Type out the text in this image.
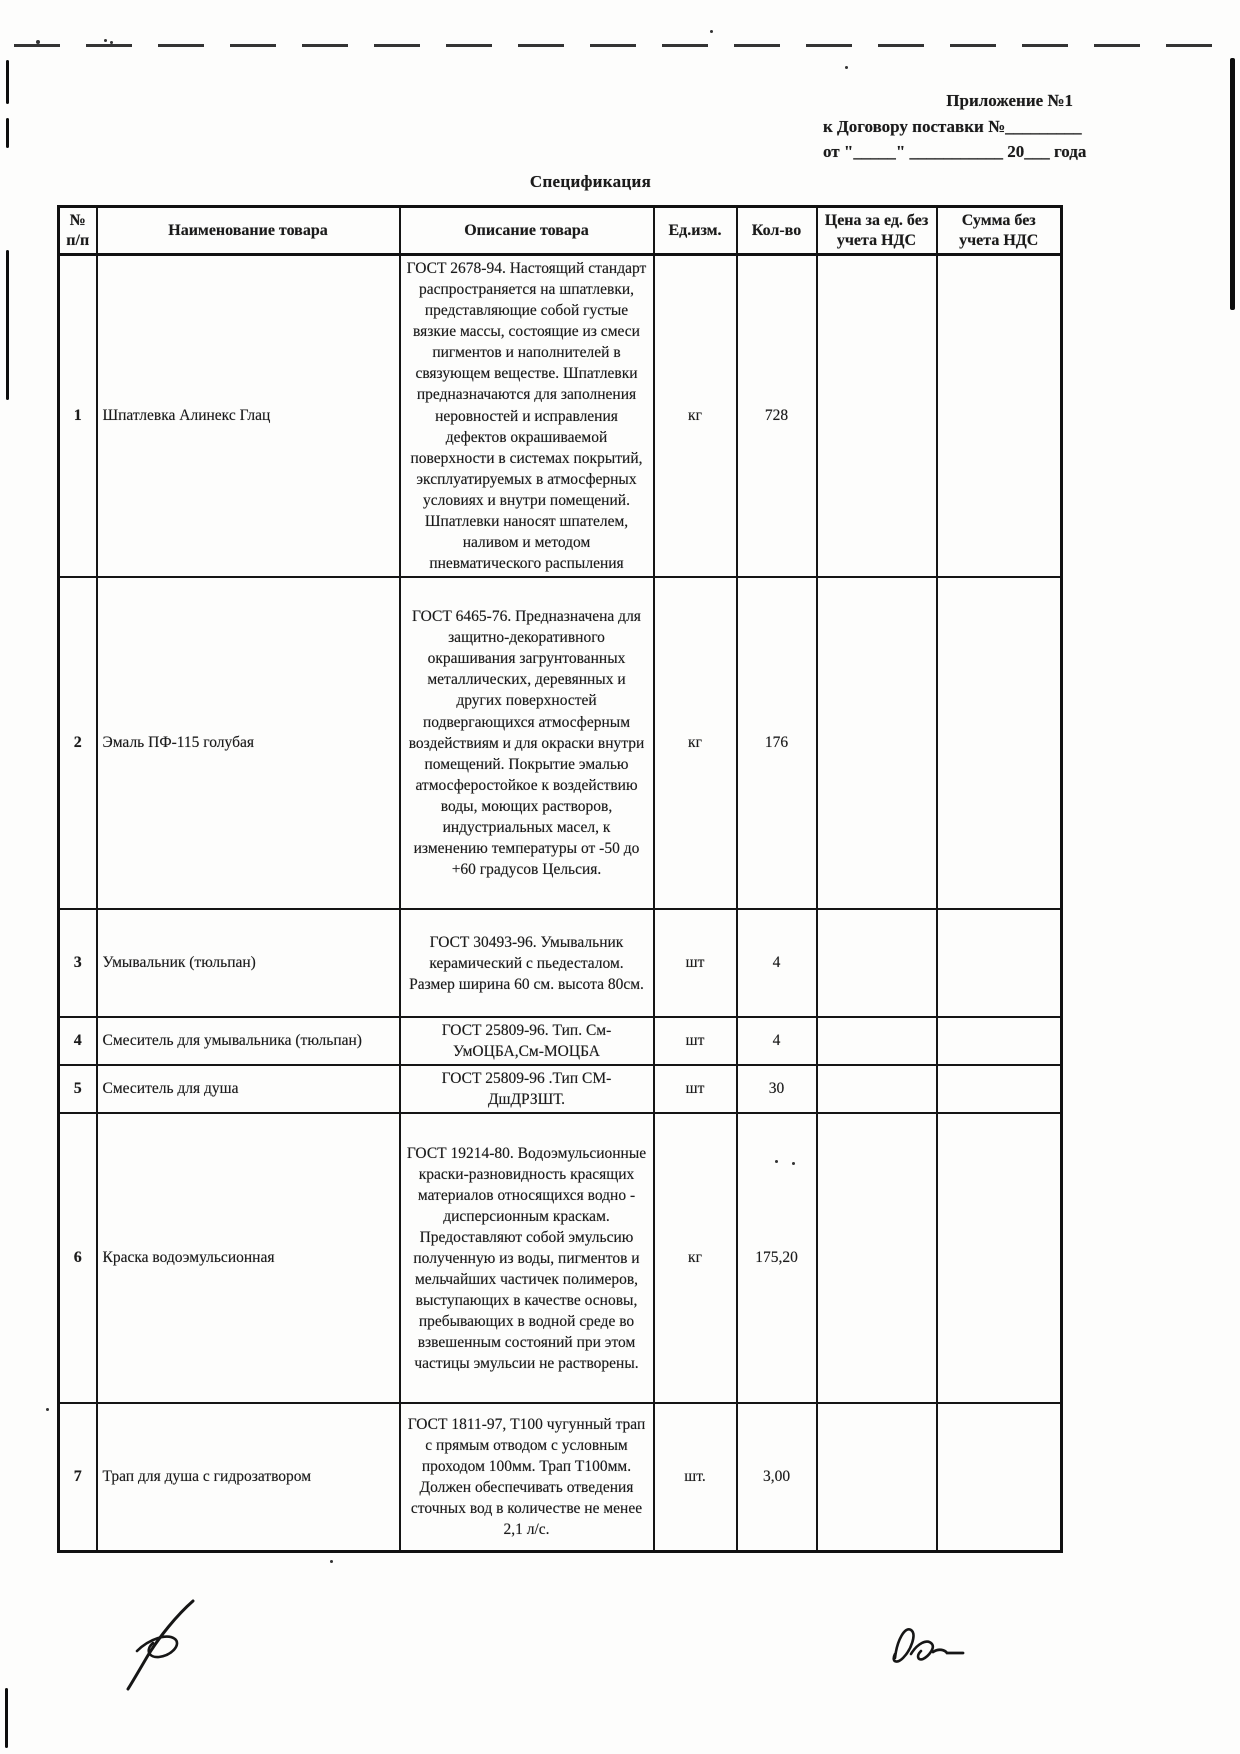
Приложение №1
к Договору поставки №_________
от "_____" ___________ 20___ года
Спецификация
№ п/п	Наименование товара	Описание товара	Ед.изм.	Кол-во	Цена за ед. без учета НДС	Сумма без учета НДС
1	Шпатлевка Алинекс Глац	ГОСТ 2678-94. Настоящий стандарт распространяется на шпатлевки, представляющие собой густые вязкие массы, состоящие из смеси пигментов и наполнителей в связующем веществе. Шпатлевки предназначаются для заполнения неровностей и исправления дефектов окрашиваемой поверхности в системах покрытий, эксплуатируемых в атмосферных условиях и внутри помещений. Шпатлевки наносят шпателем, наливом и методом пневматического распыления	кг	728		
2	Эмаль ПФ-115 голубая	ГОСТ 6465-76. Предназначена для защитно-декоративного окрашивания загрунтованных металлических, деревянных и других поверхностей подвергающихся атмосферным воздействиям и для окраски внутри помещений. Покрытие эмалью атмосферостойкое к воздействию воды, моющих растворов, индустриальных масел, к изменению температуры от -50 до +60 градусов Цельсия.	кг	176		
3	Умывальник (тюльпан)	ГОСТ 30493-96. Умывальник керамический с пьедесталом. Размер ширина 60 см. высота 80см.	шт	4		
4	Смеситель для умывальника (тюльпан)	ГОСТ 25809-96. Тип. См-УмОЦБА,См-МОЦБА	шт	4		
5	Смеситель для душа	ГОСТ 25809-96 .Тип СМ-ДшДРЗШТ.	шт	30		
6	Краска водоэмульсионная	ГОСТ 19214-80. Водоэмульсионные краски-разновидность красящих материалов относящихся водно - дисперсионным краскам. Предоставляют собой эмульсию полученную из воды, пигментов и мельчайших частичек полимеров, выступающих в качестве основы, пребывающих в водной среде во взвешенным состояний при этом частицы эмульсии не растворены.	кг	175,20		
7	Трап для душа с гидрозатвором	ГОСТ 1811-97, Т100 чугунный трап с прямым отводом с условным проходом 100мм. Трап Т100мм. Должен обеспечивать отведения сточных вод в количестве не менее 2,1 л/с.	шт.	3,00		
